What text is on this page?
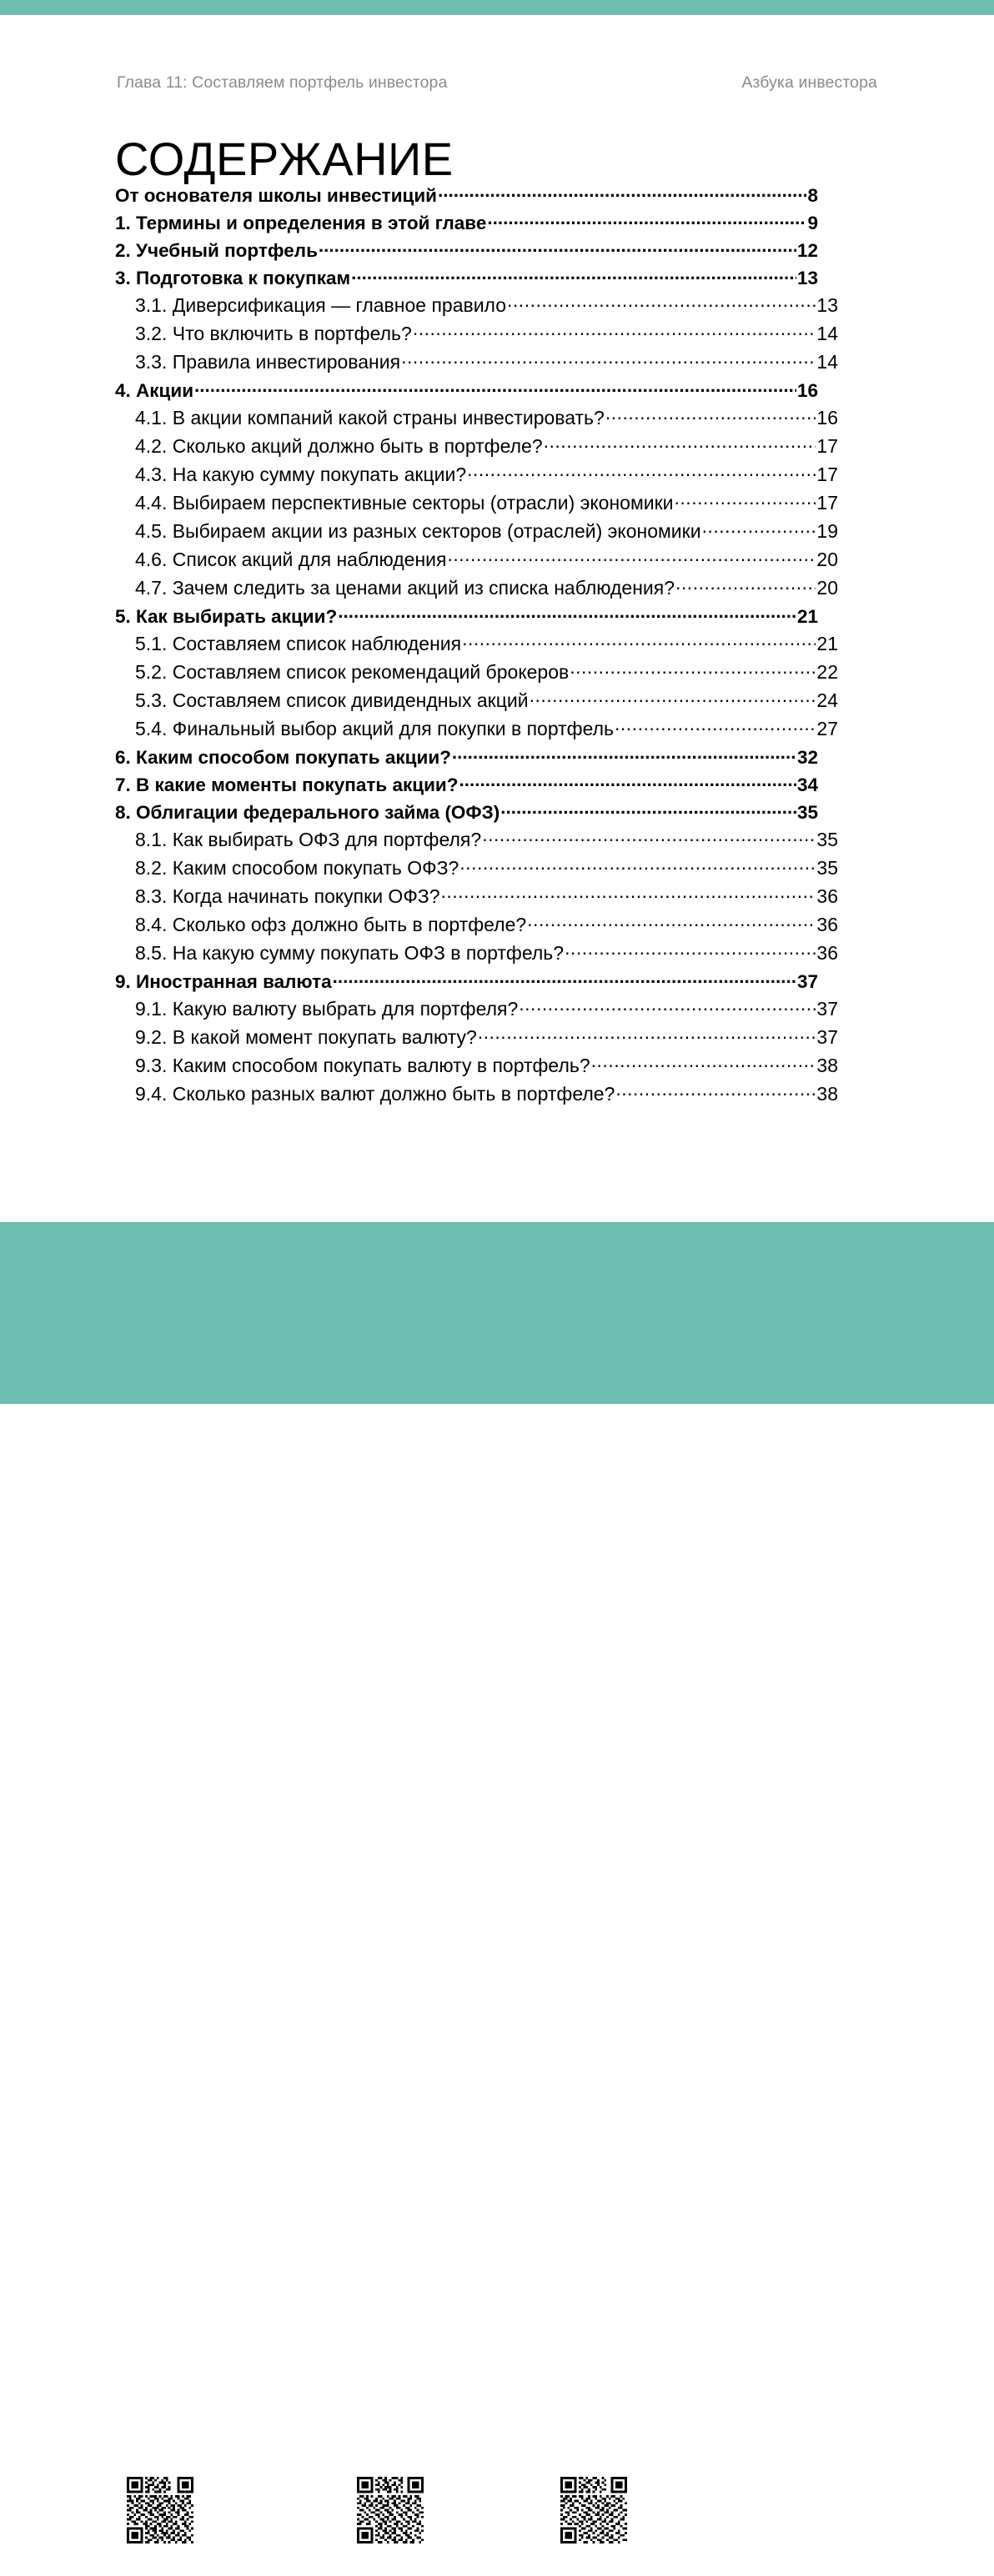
Глава 11: Составляем портфель инвестора	Азбука инвестора
СОДЕРЖАНИЕ
От основателя школы инвестиций .....	8
1. Термины и определения в этой главе .....	9
2. Учебный портфель .....	12
3. Подготовка к покупкам .....	13
3.1. Диверсификация — главное правило .....	13
3.2. Что включить в портфель? .....	14
3.3. Правила инвестирования .....	14
4. Акции .....	16
4.1. В акции компаний какой страны инвестировать? .....	16
4.2. Сколько акций должно быть в портфеле? .....	17
4.3. На какую сумму покупать акции? .....	17
4.4. Выбираем перспективные секторы (отрасли) экономики .....	17
4.5. Выбираем акции из разных секторов (отраслей) экономики .....	19
4.6. Список акций для наблюдения .....	20
4.7. Зачем следить за ценами акций из списка наблюдения? .....	20
5. Как выбирать акции? .....	21
5.1. Составляем список наблюдения .....	21
5.2. Составляем список рекомендаций брокеров .....	22
5.3. Составляем список дивидендных акций .....	24
5.4. Финальный выбор акций для покупки в портфель .....	27
6. Каким способом покупать акции? .....	32
7. В какие моменты покупать акции? .....	34
8. Облигации федерального займа (ОФЗ) .....	35
8.1. Как выбирать ОФЗ для портфеля? .....	35
8.2. Каким способом покупать ОФЗ? .....	35
8.3. Когда начинать покупки ОФЗ? .....	36
8.4. Сколько офз должно быть в портфеле? .....	36
8.5. На какую сумму покупать ОФЗ в портфель? .....	36
9. Иностранная валюта .....	37
9.1. Какую валюту выбрать для портфеля? .....	37
9.2. В какой момент покупать валюту? .....	37
9.3. Каким способом покупать валюту в портфель? .....	38
9.4. Сколько разных валют должно быть в портфеле? .....	38
Начать
обучение
Задать
вопрос
Открыть
брокерский счёт
5
